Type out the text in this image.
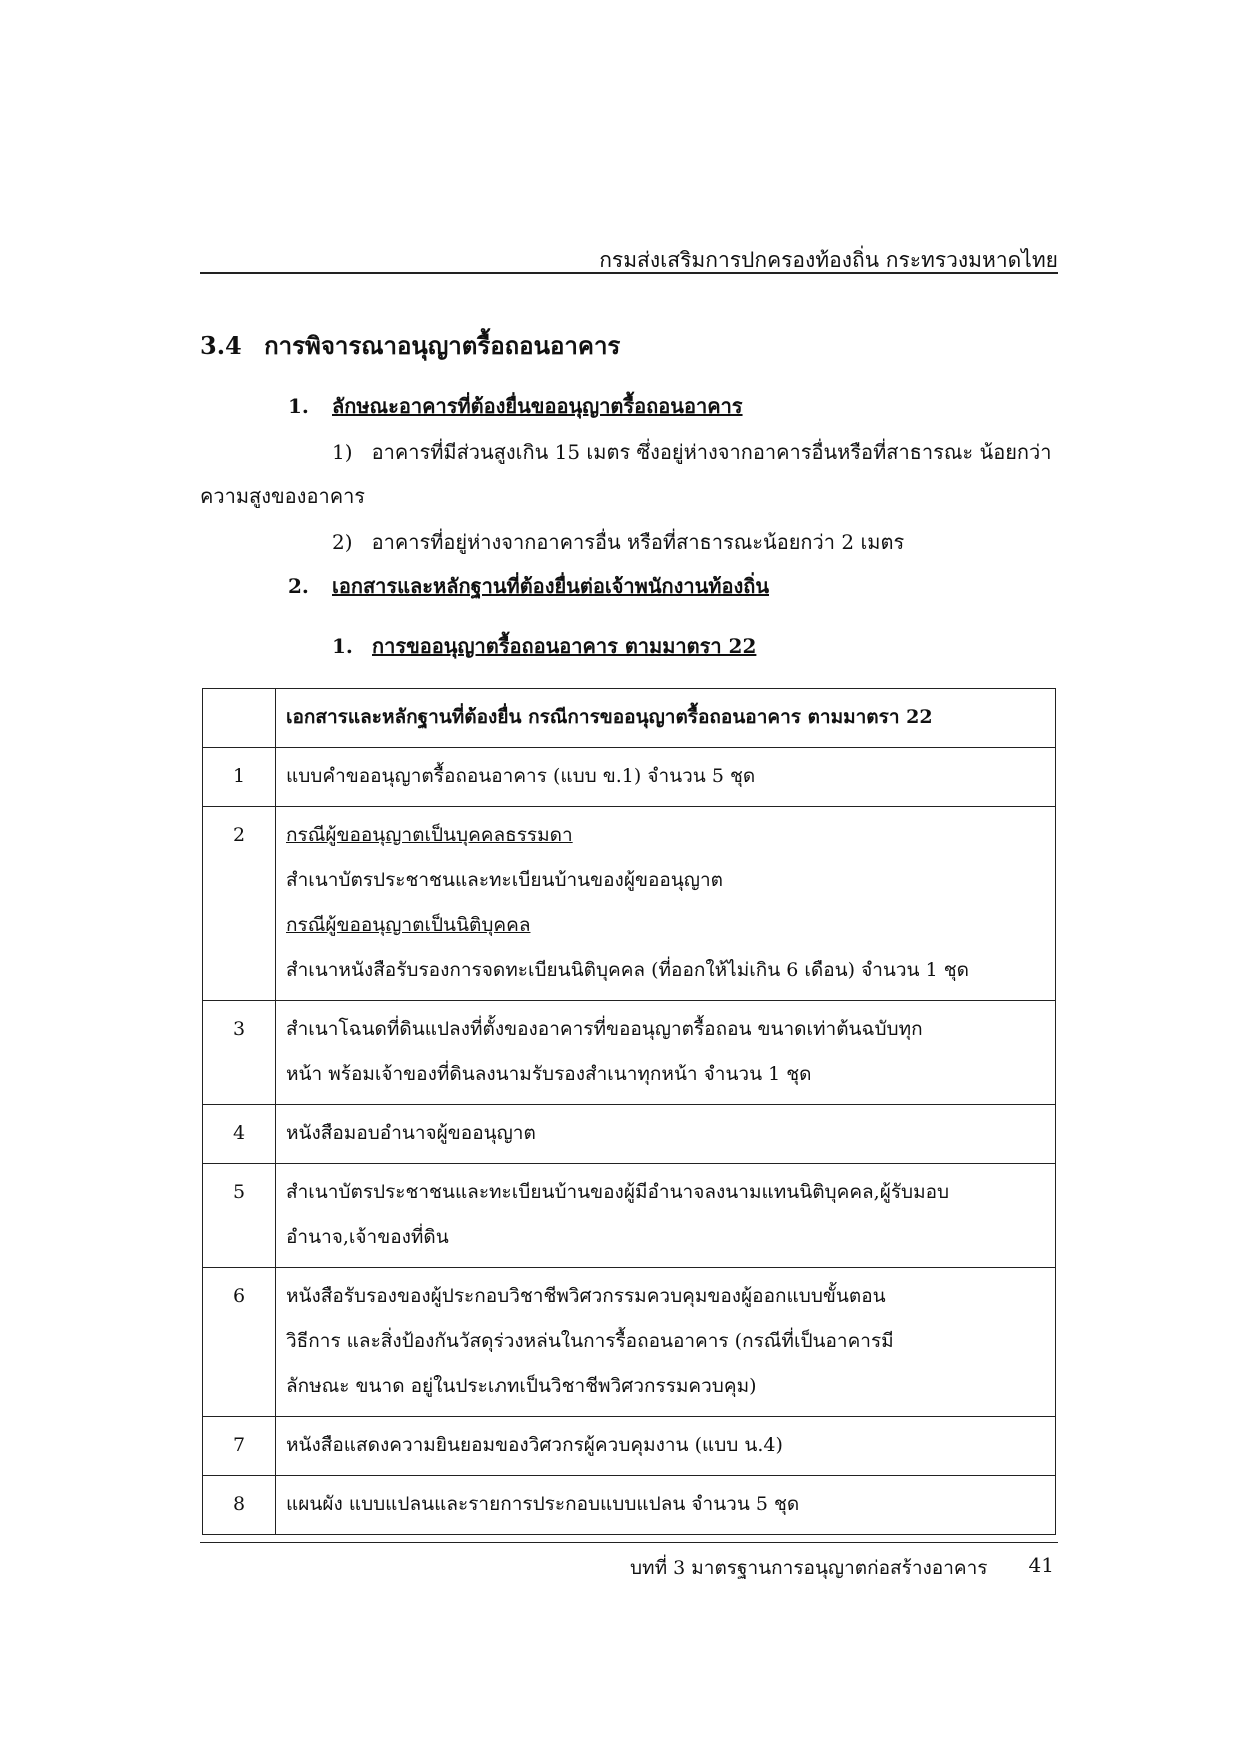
กรมส่งเสริมการปกครองท้องถิ่น กระทรวงมหาดไทย
3.4 การพิจารณาอนุญาตรื้อถอนอาคาร
1. ลักษณะอาคารที่ต้องยื่นขออนุญาตรื้อถอนอาคาร
1) อาคารที่มีส่วนสูงเกิน 15 เมตร ซึ่งอยู่ห่างจากอาคารอื่นหรือที่สาธารณะ น้อยกว่า
ความสูงของอาคาร
2) อาคารที่อยู่ห่างจากอาคารอื่น หรือที่สาธารณะน้อยกว่า 2 เมตร
2. เอกสารและหลักฐานที่ต้องยื่นต่อเจ้าพนักงานท้องถิ่น
1. การขออนุญาตรื้อถอนอาคาร ตามมาตรา 22
	เอกสารและหลักฐานที่ต้องยื่น กรณีการขออนุญาตรื้อถอนอาคาร ตามมาตรา 22
1	แบบคำขออนุญาตรื้อถอนอาคาร (แบบ ข.1) จำนวน 5 ชุด

2	กรณีผู้ขออนุญาตเป็นบุคคลธรรมดา
สำเนาบัตรประชาชนและทะเบียนบ้านของผู้ขออนุญาต
กรณีผู้ขออนุญาตเป็นนิติบุคคล
สำเนาหนังสือรับรองการจดทะเบียนนิติบุคคล (ที่ออกให้ไม่เกิน 6 เดือน) จำนวน 1 ชุด

3	สำเนาโฉนดที่ดินแปลงที่ตั้งของอาคารที่ขออนุญาตรื้อถอน ขนาดเท่าต้นฉบับทุก
หน้า พร้อมเจ้าของที่ดินลงนามรับรองสำเนาทุกหน้า จำนวน 1 ชุด

4	หนังสือมอบอำนาจผู้ขออนุญาต

5	สำเนาบัตรประชาชนและทะเบียนบ้านของผู้มีอำนาจลงนามแทนนิติบุคคล,ผู้รับมอบ
อำนาจ,เจ้าของที่ดิน

6	หนังสือรับรองของผู้ประกอบวิชาชีพวิศวกรรมควบคุมของผู้ออกแบบขั้นตอน
วิธีการ และสิ่งป้องกันวัสดุร่วงหล่นในการรื้อถอนอาคาร (กรณีที่เป็นอาคารมี
ลักษณะ ขนาด อยู่ในประเภทเป็นวิชาชีพวิศวกรรมควบคุม)

7	หนังสือแสดงความยินยอมของวิศวกรผู้ควบคุมงาน (แบบ น.4)

8	แผนผัง แบบแปลนและรายการประกอบแบบแปลน จำนวน 5 ชุด
บทที่ 3 มาตรฐานการอนุญาตก่อสร้างอาคาร 41
